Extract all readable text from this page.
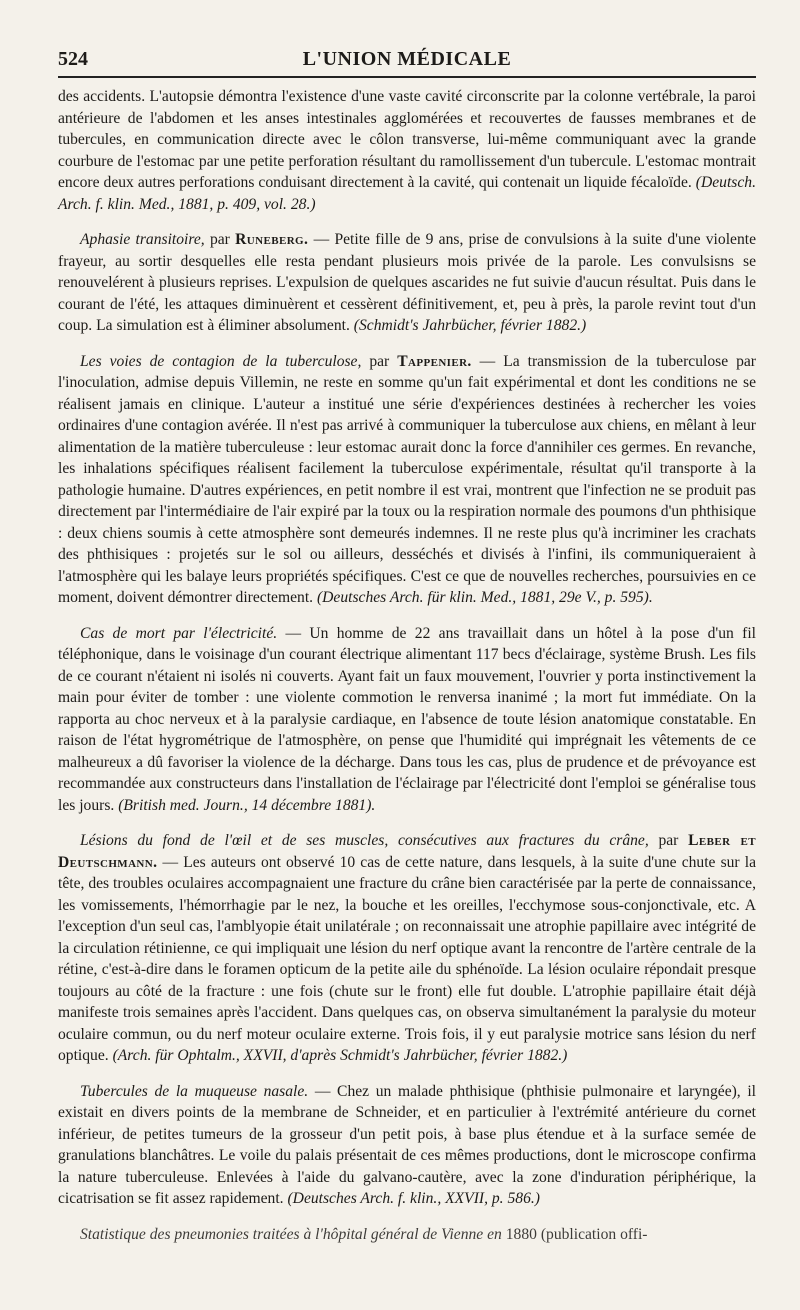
524	L'UNION MÉDICALE

des accidents. L'autopsie démontra l'existence d'une vaste cavité circonscrite par la colonne vertébrale, la paroi antérieure de l'abdomen et les anses intestinales agglomérées et recouvertes de fausses membranes et de tubercules, en communication directe avec le côlon transverse, lui-même communiquant avec la grande courbure de l'estomac par une petite perforation résultant du ramollissement d'un tubercule. L'estomac montrait encore deux autres perforations conduisant directement à la cavité, qui contenait un liquide fécaloïde. (Deutsch. Arch. f. klin. Med., 1881, p. 409, vol. 28.)

Aphasie transitoire, par Runeberg. — Petite fille de 9 ans, prise de convulsions à la suite d'une violente frayeur, au sortir desquelles elle resta pendant plusieurs mois privée de la parole. Les convulsisns se renouvelérent à plusieurs reprises. L'expulsion de quelques ascarides ne fut suivie d'aucun résultat. Puis dans le courant de l'été, les attaques diminuèrent et cessèrent définitivement, et, peu à près, la parole revint tout d'un coup. La simulation est à éliminer absolument. (Schmidt's Jahrbücher, février 1882.)

Les voies de contagion de la tuberculose, par Tappenier. — La transmission de la tuberculose par l'inoculation, admise depuis Villemin, ne reste en somme qu'un fait expérimental et dont les conditions ne se réalisent jamais en clinique. L'auteur a institué une série d'expériences destinées à rechercher les voies ordinaires d'une contagion avérée. Il n'est pas arrivé à communiquer la tuberculose aux chiens, en mêlant à leur alimentation de la matière tuberculeuse : leur estomac aurait donc la force d'annihiler ces germes. En revanche, les inhalations spécifiques réalisent facilement la tuberculose expérimentale, résultat qu'il transporte à la pathologie humaine. D'autres expériences, en petit nombre il est vrai, montrent que l'infection ne se produit pas directement par l'intermédiaire de l'air expiré par la toux ou la respiration normale des poumons d'un phthisique : deux chiens soumis à cette atmosphère sont demeurés indemnes. Il ne reste plus qu'à incriminer les crachats des phthisiques : projetés sur le sol ou ailleurs, desséchés et divisés à l'infini, ils communiqueraient à l'atmosphère qui les balaye leurs propriétés spécifiques. C'est ce que de nouvelles recherches, poursuivies en ce moment, doivent démontrer directement. (Deutsches Arch. für klin. Med., 1881, 29e V., p. 595).

Cas de mort par l'électricité. — Un homme de 22 ans travaillait dans un hôtel à la pose d'un fil téléphonique, dans le voisinage d'un courant électrique alimentant 117 becs d'éclairage, système Brush. Les fils de ce courant n'étaient ni isolés ni couverts. Ayant fait un faux mouvement, l'ouvrier y porta instinctivement la main pour éviter de tomber : une violente commotion le renversa inanimé ; la mort fut immédiate. On la rapporta au choc nerveux et à la paralysie cardiaque, en l'absence de toute lésion anatomique constatable. En raison de l'état hygrométrique de l'atmosphère, on pense que l'humidité qui imprégnait les vêtements de ce malheureux a dû favoriser la violence de la décharge. Dans tous les cas, plus de prudence et de prévoyance est recommandée aux constructeurs dans l'installation de l'éclairage par l'électricité dont l'emploi se généralise tous les jours. (British med. Journ., 14 décembre 1881).

Lésions du fond de l'œil et de ses muscles, consécutives aux fractures du crâne, par Leber et Deutschmann. — Les auteurs ont observé 10 cas de cette nature, dans lesquels, à la suite d'une chute sur la tête, des troubles oculaires accompagnaient une fracture du crâne bien caractérisée par la perte de connaissance, les vomissements, l'hémorrhagie par le nez, la bouche et les oreilles, l'ecchymose sous-conjonctivale, etc. A l'exception d'un seul cas, l'amblyopie était unilatérale ; on reconnaissait une atrophie papillaire avec intégrité de la circulation rétinienne, ce qui impliquait une lésion du nerf optique avant la rencontre de l'artère centrale de la rétine, c'est-à-dire dans le foramen opticum de la petite aile du sphénoïde. La lésion oculaire répondait presque toujours au côté de la fracture : une fois (chute sur le front) elle fut double. L'atrophie papillaire était déjà manifeste trois semaines après l'accident. Dans quelques cas, on observa simultanément la paralysie du moteur oculaire commun, ou du nerf moteur oculaire externe. Trois fois, il y eut paralysie motrice sans lésion du nerf optique. (Arch. für Ophtalm., XXVII, d'après Schmidt's Jahrbücher, février 1882.)

Tubercules de la muqueuse nasale. — Chez un malade phthisique (phthisie pulmonaire et laryngée), il existait en divers points de la membrane de Schneider, et en particulier à l'extrémité antérieure du cornet inférieur, de petites tumeurs de la grosseur d'un petit pois, à base plus étendue et à la surface semée de granulations blanchâtres. Le voile du palais présentait de ces mêmes productions, dont le microscope confirma la nature tuberculeuse. Enlevées à l'aide du galvano-cautère, avec la zone d'induration périphérique, la cicatrisation se fit assez rapidement. (Deutsches Arch. f. klin., XXVII, p. 586.)

Statistique des pneumonies traitées à l'hôpital général de Vienne en 1880 (publication offi-
